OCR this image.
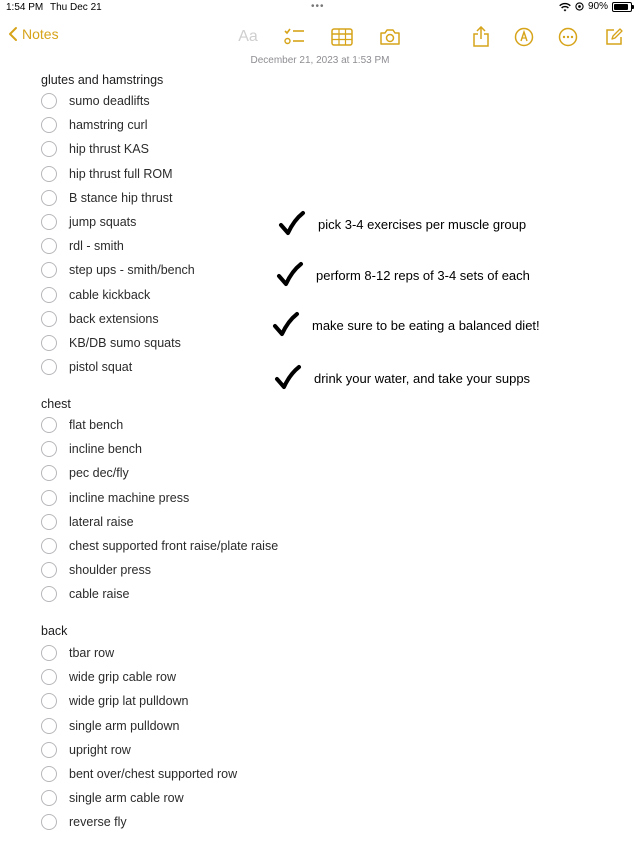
1:54 PM Thu Dec 21	•••	90%
Notes	Aa
December 21, 2023 at 1:53 PM
glutes and hamstrings
sumo deadlifts
hamstring curl
hip thrust KAS
hip thrust full ROM
B stance hip thrust
jump squats
rdl - smith
step ups - smith/bench
cable kickback
back extensions
KB/DB sumo squats
pistol squat
chest
flat bench
incline bench
pec dec/fly
incline machine press
lateral raise
chest supported front raise/plate raise
shoulder press
cable raise
back
tbar row
wide grip cable row
wide grip lat pulldown
single arm pulldown
upright row
bent over/chest supported row
single arm cable row
reverse fly
pick 3-4 exercises per muscle group
perform 8-12 reps of 3-4 sets of each
make sure to be eating a balanced diet!
drink your water, and take your supps
